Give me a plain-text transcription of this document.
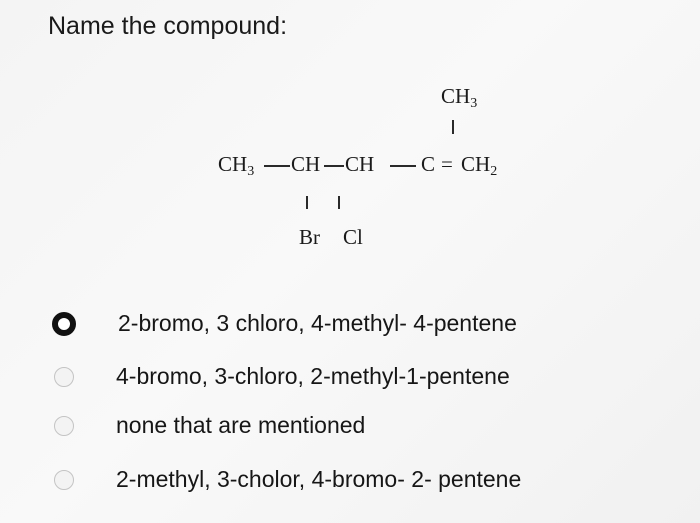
Name the compound:
$CH_3$
$CH_3$ CH CH $C = CH_2$
Br Cl
2-bromo, 3 chloro, 4-methyl- 4-pentene
4-bromo, 3-chloro, 2-methyl-1-pentene
none that are mentioned
2-methyl, 3-cholor, 4-bromo- 2- pentene
